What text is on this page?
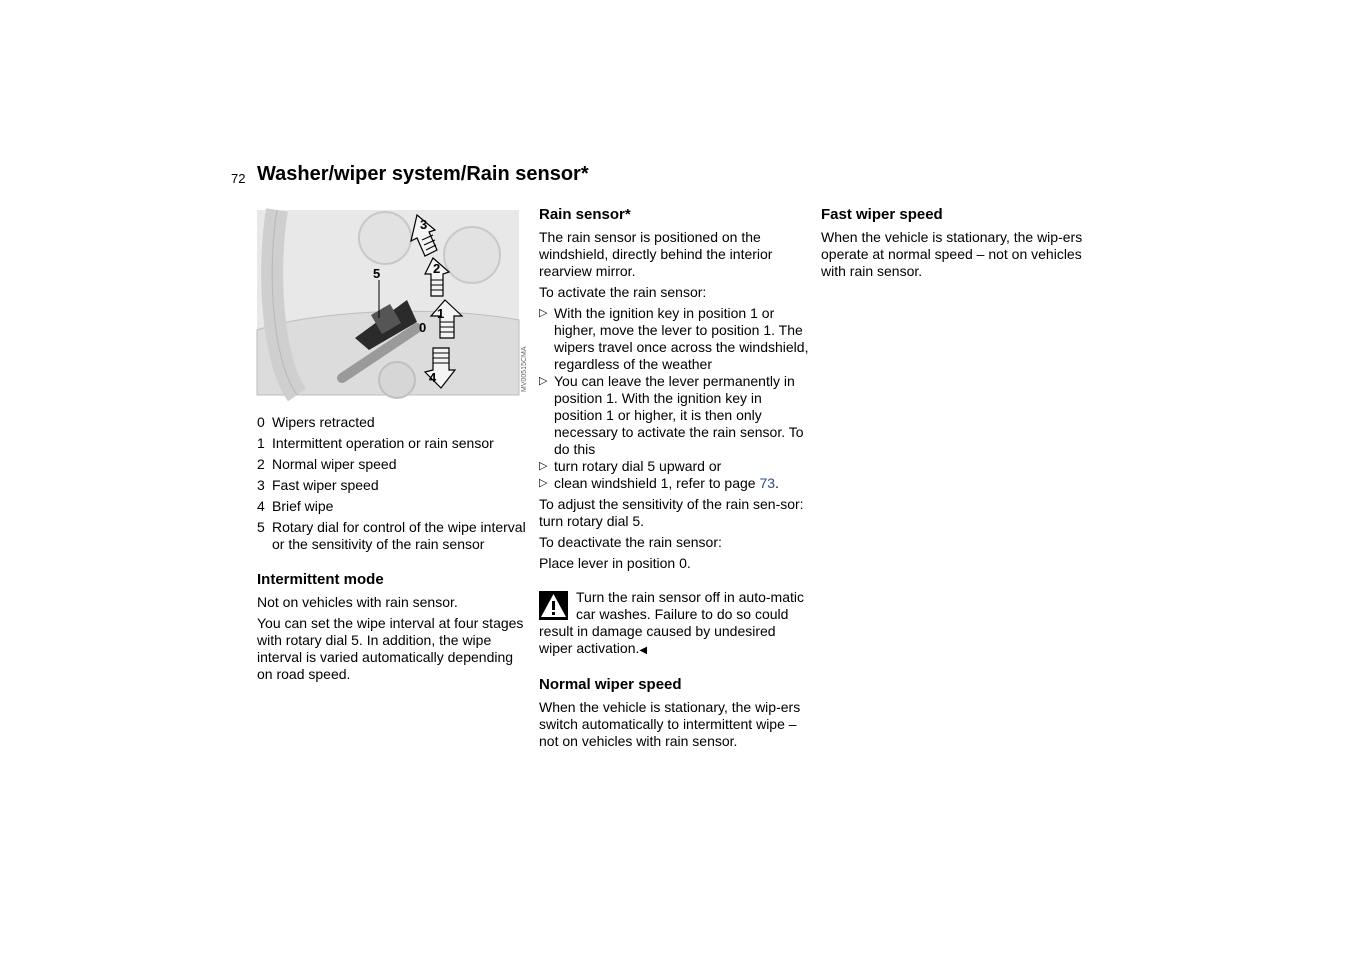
72 Washer/wiper system/Rain sensor*
3
2
5
1
0
4	MV00515CMA
0 Wipers retracted
1 Intermittent operation or rain sensor
2 Normal wiper speed
3 Fast wiper speed
4 Brief wipe
5 Rotary dial for control of the wipe interval or the sensitivity of the rain sensor
Intermittent mode

Not on vehicles with rain sensor.

You can set the wipe interval at four stages with rotary dial 5. In addition, the wipe interval is varied automatically depending on road speed.

Rain sensor*

The rain sensor is positioned on the windshield, directly behind the interior rearview mirror.

To activate the rain sensor:

▷ With the ignition key in position 1 or higher, move the lever to position 1. The wipers travel once across the windshield, regardless of the weather
▷ You can leave the lever permanently in position 1. With the ignition key in position 1 or higher, it is then only necessary to activate the rain sensor. To do this
▷ turn rotary dial 5 upward or
▷ clean windshield 1, refer to page 73.

To adjust the sensitivity of the rain sen-sor: turn rotary dial 5.

To deactivate the rain sensor:

Place lever in position 0.

Turn the rain sensor off in auto-matic car washes. Failure to do so could result in damage caused by undesired wiper activation.◀
Normal wiper speed

When the vehicle is stationary, the wip-ers switch automatically to intermittent wipe – not on vehicles with rain sensor.

Fast wiper speed

When the vehicle is stationary, the wip-ers operate at normal speed – not on vehicles with rain sensor.
